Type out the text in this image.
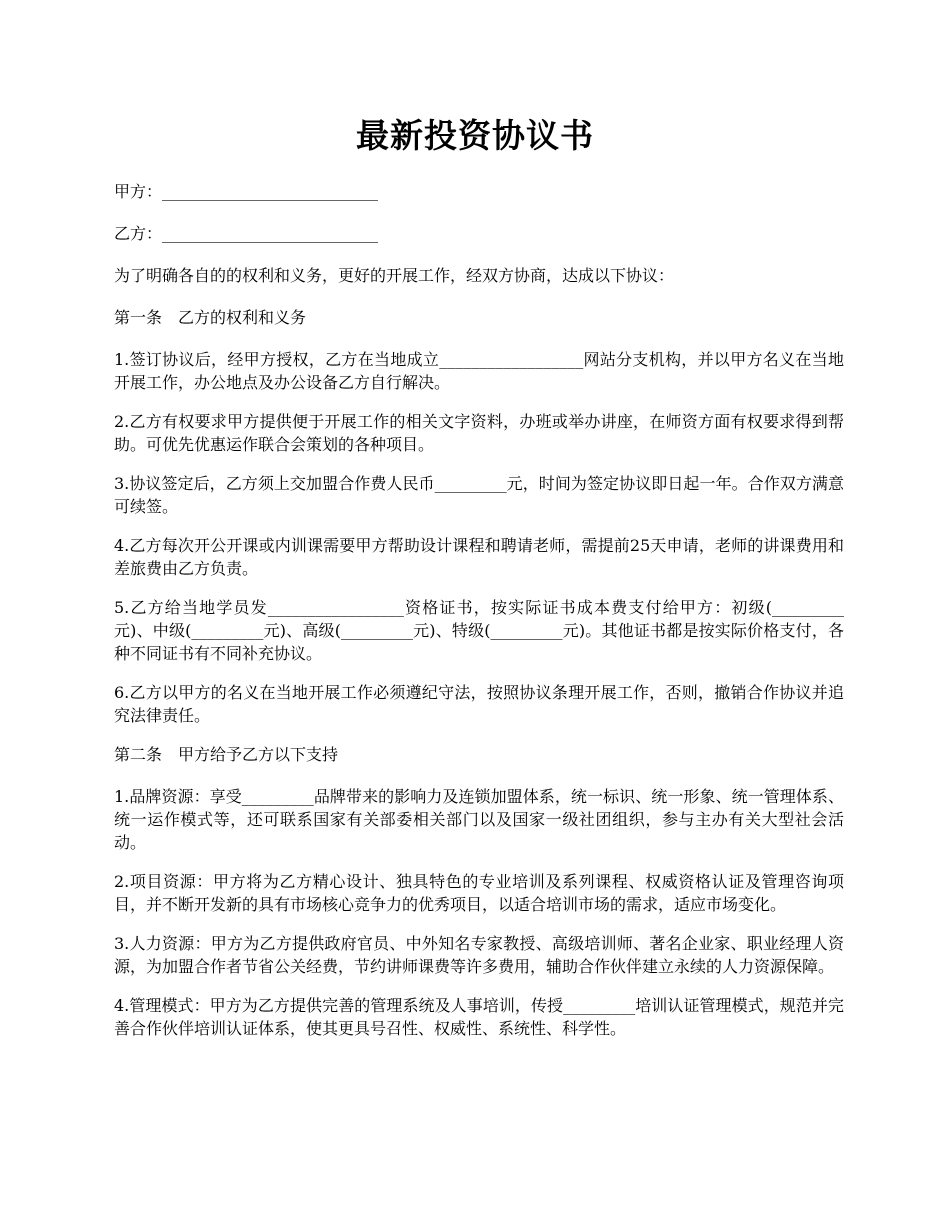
最新投资协议书

甲方：___________________________

乙方：___________________________

为了明确各自的的权利和义务，更好的开展工作，经双方协商，达成以下协议：

第一条　乙方的权利和义务

1.签订协议后，经甲方授权，乙方在当地成立__________________网站分支机构，并以甲方名义在当地开展工作，办公地点及办公设备乙方自行解决。

2.乙方有权要求甲方提供便于开展工作的相关文字资料，办班或举办讲座，在师资方面有权要求得到帮助。可优先优惠运作联合会策划的各种项目。

3.协议签定后，乙方须上交加盟合作费人民币_________元，时间为签定协议即日起一年。合作双方满意可续签。

4.乙方每次开公开课或内训课需要甲方帮助设计课程和聘请老师，需提前25天申请，老师的讲课费用和差旅费由乙方负责。

5.乙方给当地学员发_________________资格证书，按实际证书成本费支付给甲方：初级(_________元)、中级(_________元)、高级(_________元)、特级(_________元)。其他证书都是按实际价格支付，各种不同证书有不同补充协议。

6.乙方以甲方的名义在当地开展工作必须遵纪守法，按照协议条理开展工作，否则，撤销合作协议并追究法律责任。

第二条　甲方给予乙方以下支持

1.品牌资源：享受_________品牌带来的影响力及连锁加盟体系，统一标识、统一形象、统一管理体系、统一运作模式等，还可联系国家有关部委相关部门以及国家一级社团组织，参与主办有关大型社会活动。

2.项目资源：甲方将为乙方精心设计、独具特色的专业培训及系列课程、权威资格认证及管理咨询项目，并不断开发新的具有市场核心竞争力的优秀项目，以适合培训市场的需求，适应市场变化。

3.人力资源：甲方为乙方提供政府官员、中外知名专家教授、高级培训师、著名企业家、职业经理人资源，为加盟合作者节省公关经费，节约讲师课费等许多费用，辅助合作伙伴建立永续的人力资源保障。

4.管理模式：甲方为乙方提供完善的管理系统及人事培训，传授_________培训认证管理模式，规范并完善合作伙伴培训认证体系，使其更具号召性、权威性、系统性、科学性。
